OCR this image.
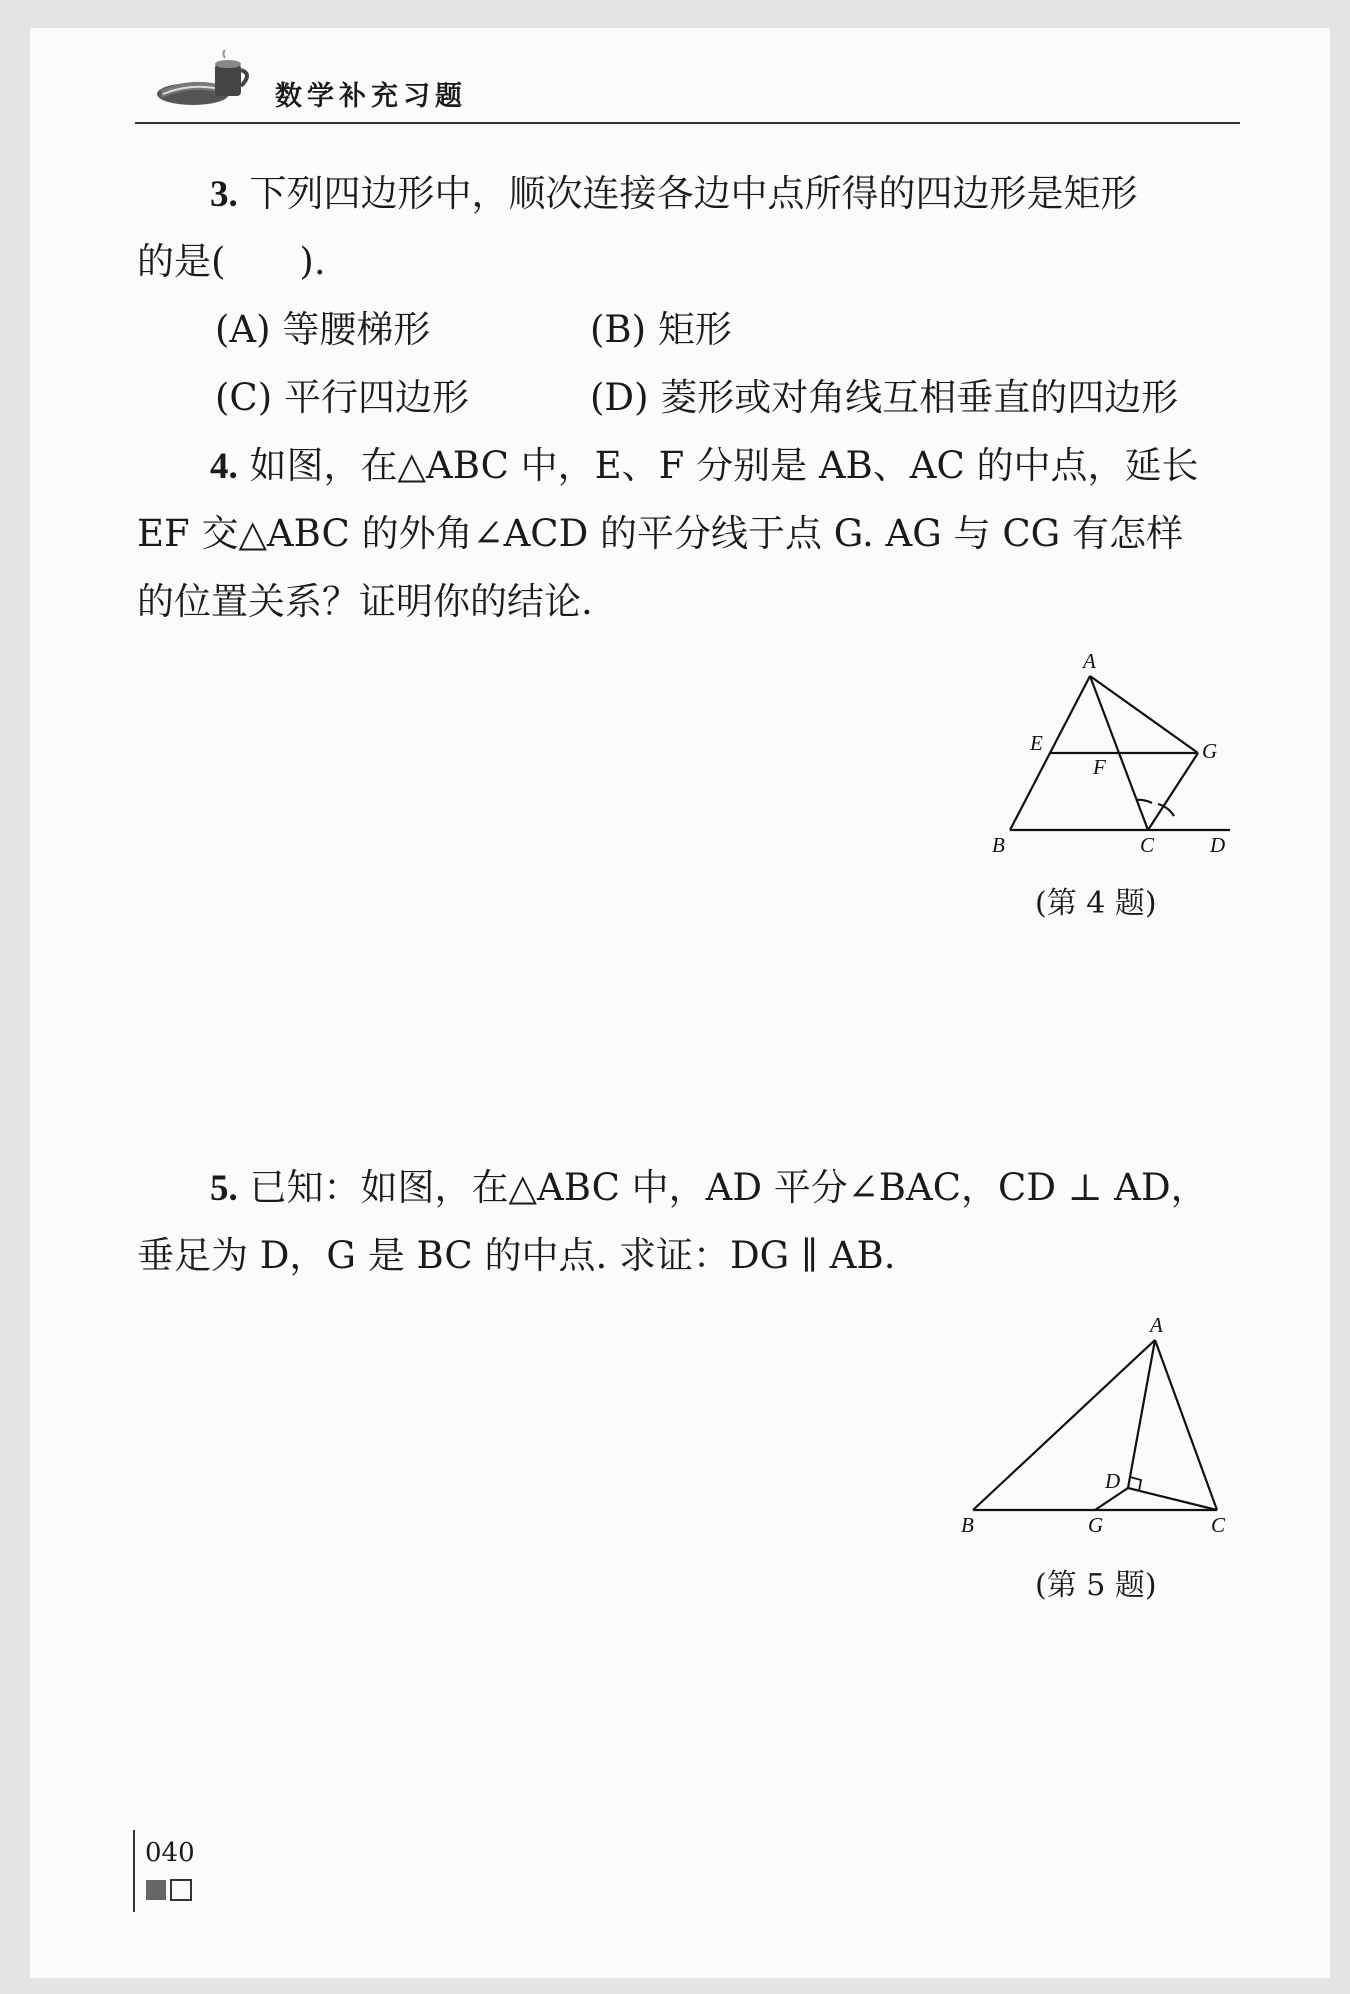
数学补充习题
3. 下列四边形中，顺次连接各边中点所得的四边形是矩形
的是(　　).
(A) 等腰梯形	(B) 矩形
(C) 平行四边形	(D) 菱形或对角线互相垂直的四边形
4. 如图，在△ABC 中，E、F 分别是 AB、AC 的中点，延长
EF 交△ABC 的外角∠ACD 的平分线于点 G. AG 与 CG 有怎样
的位置关系？证明你的结论.
A
B	C	D
E
F
G
(第 4 题)
5. 已知：如图，在△ABC 中，AD 平分∠BAC，CD ⊥ AD，
垂足为 D，G 是 BC 的中点. 求证：DG ∥ AB.
A
B	C
D
G
(第 5 题)
040
